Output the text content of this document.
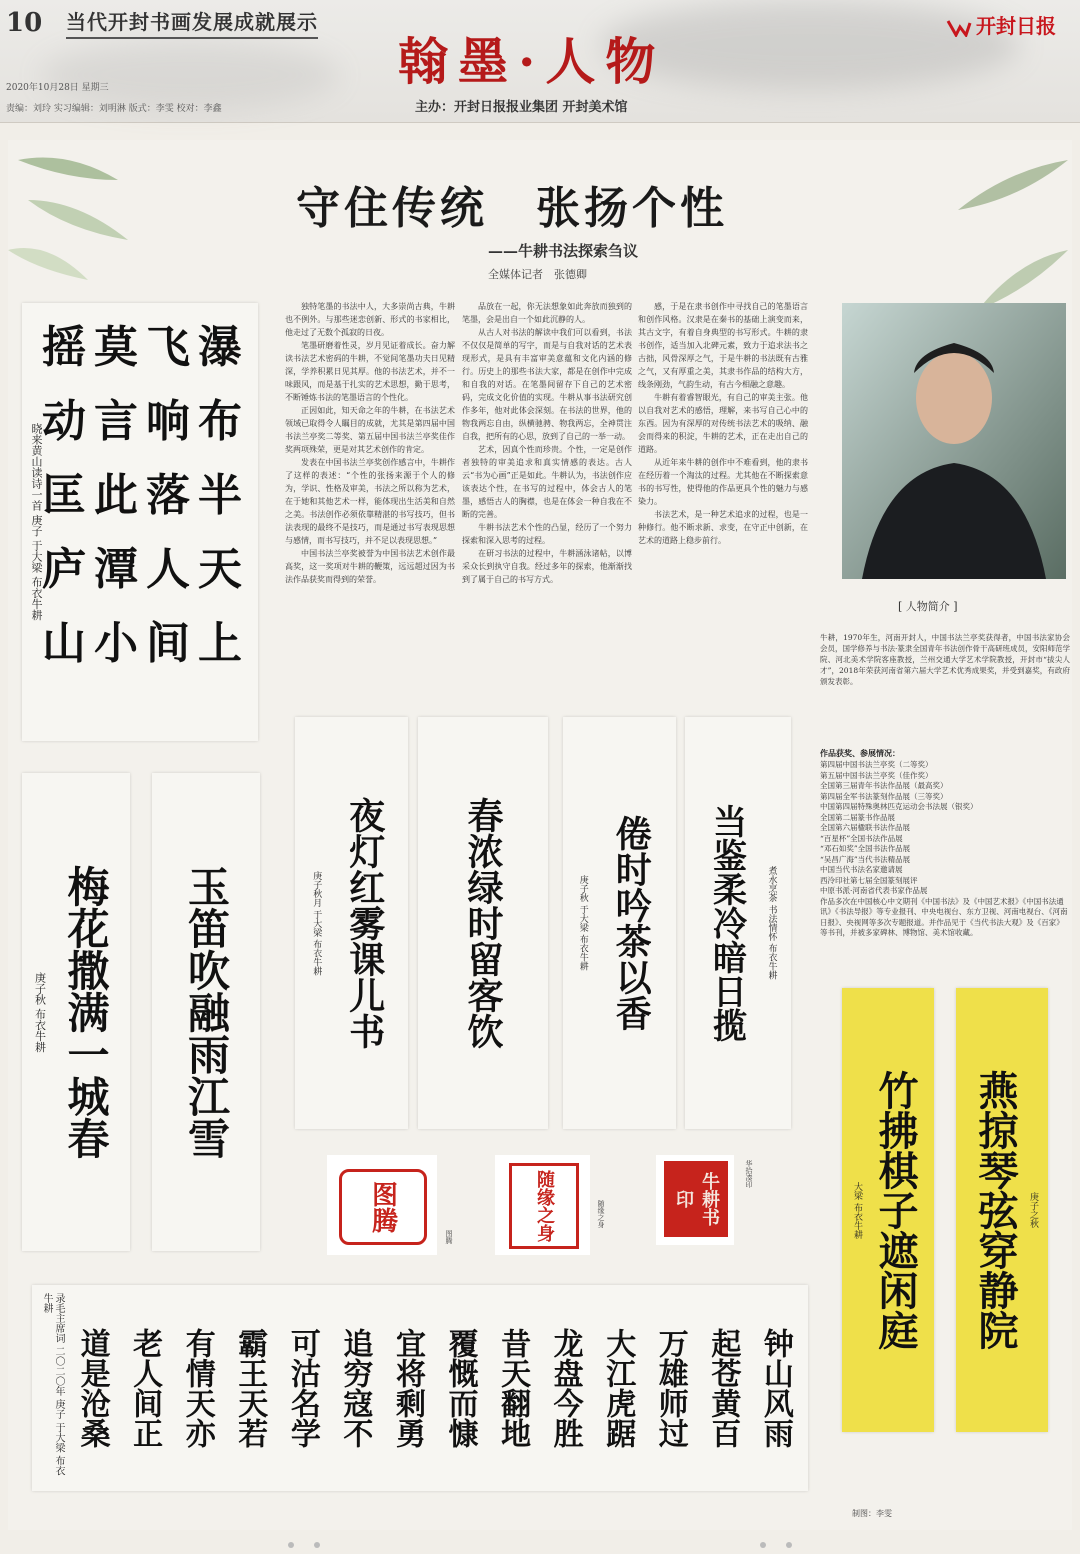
10 当代开封书画发展成就展示
翰墨·人物
开封日报
2020年10月28日 星期三
责编：刘玲 实习编辑：刘明淋 版式：李雯 校对：李鑫	主办：开封日报报业集团 开封美术馆
守住传统　张扬个性
——牛耕书法探索刍议
全媒体记者　张德卿

独特笔墨的书法中人，大多崇尚古典，牛耕也不例外。与那些迷恋创新、形式的书家相比，他走过了无数个孤寂的日夜。

笔墨研磨着性灵，岁月见证着成长。奋力解读书法艺术密码的牛耕，不觉间笔墨功夫日见精深，学养积累日见其厚。他的书法艺术，并不一味跟风，而是基于扎实的艺术思想，勤于思考，不断锤炼书法的笔墨语言的个性化。

正因如此，知天命之年的牛耕，在书法艺术领域已取得令人瞩目的成就，尤其是第四届中国书法兰亭奖二等奖、第五届中国书法兰亭奖佳作奖两项殊荣，更是对其艺术创作的肯定。

发表在中国书法兰亭奖创作感言中，牛耕作了这样的表述：“个性的张扬来源于个人的修为，学识、性格及审美，书法之所以称为艺术，在于她和其他艺术一样，能体现出生活美和自然之美。书法创作必须依靠精湛的书写技巧，但书法表现的最终不是技巧，而是通过书写表现思想与感情，而书写技巧，并不足以表现思想。”

中国书法兰亭奖被誉为中国书法艺术创作最高奖，这一奖项对牛耕的鞭策，远远超过因为书法作品获奖而得到的荣誉。

品放在一起，你无法想象如此奔放而独到的笔墨，会是出自一个如此沉静的人。

从古人对书法的解读中我们可以看到，书法不仅仅是简单的写字，而是与自我对话的艺术表现形式，是具有丰富审美意蕴和文化内涵的修行。历史上的那些书法大家，都是在创作中完成和自我的对话。在笔墨间留存下自己的艺术密码，完成文化价值的实现。牛耕从事书法研究创作多年，他对此体会深刻。在书法的世界，他的物我两忘自由，纵横驰骋、物我两忘，全神贯注自我，把所有的心思，放到了自己的一举一动。

艺术，因真个性而珍贵。个性，一定是创作者独特的审美追求和真实情感的表达。古人云“书为心画”正是如此。牛耕认为，书法创作应该表达个性，在书写的过程中，体会古人的笔墨，感悟古人的胸襟，也是在体会一种自我在不断的完善。

牛耕书法艺术个性的凸显，经历了一个努力探索和深入思考的过程。

在研习书法的过程中，牛耕涵泳诸帖，以博采众长到执守自我。经过多年的探索，他渐渐找到了属于自己的书写方式。

感，于是在隶书创作中寻找自己的笔墨语言和创作风格。汉隶是在秦书的基础上演变而来，其古文字，有着自身典型的书写形式。牛耕的隶书创作，适当加入北碑元素，致力于追求法书之古拙，风骨深厚之气，于是牛耕的书法既有古雅之气，又有厚重之美，其隶书作品的结构大方，线条刚劲，气韵生动，有古今相融之意趣。

牛耕有着睿智眼光，有自己的审美主张。他以自我对艺术的感悟，理解，来书写自己心中的东西。因为有深厚的对传统书法艺术的吸纳、融会而得来的积淀，牛耕的艺术，正在走出自己的道路。

从近年来牛耕的创作中不难看到，他的隶书在经历着一个淘汰的过程。尤其他在不断探索意书的书写性，使得他的作品更具个性的魅力与感染力。

书法艺术，是一种艺术追求的过程，也是一种修行。他不断求新、求变，在守正中创新，在艺术的道路上稳步前行。

瀑布半天上
飞响落人间
莫言此潭小
摇动匡庐山
晓来黄山读诗一首 庚子 于大梁 布衣牛耕
梅花撒满一城春
庚子秋 布衣牛耕	玉笛吹融雨江雪	夜灯红雾课儿书
庚子秋月 于大梁 布衣牛耕	春浓绿时留客饮	倦时吟茶以香
庚子秋 于大梁 布衣牛耕	煮水烹茶 书法情怀 布衣牛耕
当鉴柔冷暗日揽
图腾
图腾	随缘之身	随缘之身	牛耕书印
华拾凑印
[ 人物简介 ]
牛耕，1970年生，河南开封人，中国书法兰亭奖获得者，中国书法家协会会员，国学修养与书法·篆隶全国青年书法创作骨干高研班成员，安阳师范学院、河北美术学院客座教授，兰州交通大学艺术学院教授，开封市“拔尖人才”，2018年荣获河南省第六届大学艺术优秀成果奖，并受到嘉奖，有政府颁发表彰。
作品获奖、参展情况：
第四届中国书法兰亭奖（二等奖）
第五届中国书法兰亭奖（佳作奖）
全国第三届青年书法作品展（最高奖）
第四届全军书法篆刻作品展（三等奖）
中国第四届特殊奥林匹克运动会书法展（银奖）
全国第二届篆书作品展
全国第六届楹联书法作品展
“百星杯”全国书法作品展
“邓石如奖”全国书法作品展
“吴昌广海”当代书法精品展
中国当代书法名家邀请展
西泠印社第七届全国篆刻展评
中原书派·河南省代表书家作品展
作品多次在中国核心中文期刊《中国书法》及《中国艺术报》《中国书法通讯》《书法导报》等专业报刊、中央电视台、东方卫视、河南电视台、《河南日报》、央视网等多次专题报道。并作品见于《当代书法大观》及《百家》等书刊，并被多家碑林、博物馆、美术馆收藏。
竹拂棋子遮闲庭
大梁 布衣牛耕	庚子之秋
燕掠琴弦穿静院
钟山风雨
起苍黄百
万雄师过
大江虎踞
龙盘今胜
昔天翻地
覆慨而慷
宜将剩勇
追穷寇不
可沽名学
霸王天若
有情天亦
老人间正
道是沧桑
录毛主席词 二〇二〇年 庚子 于大梁 布衣牛耕
制图：李雯
